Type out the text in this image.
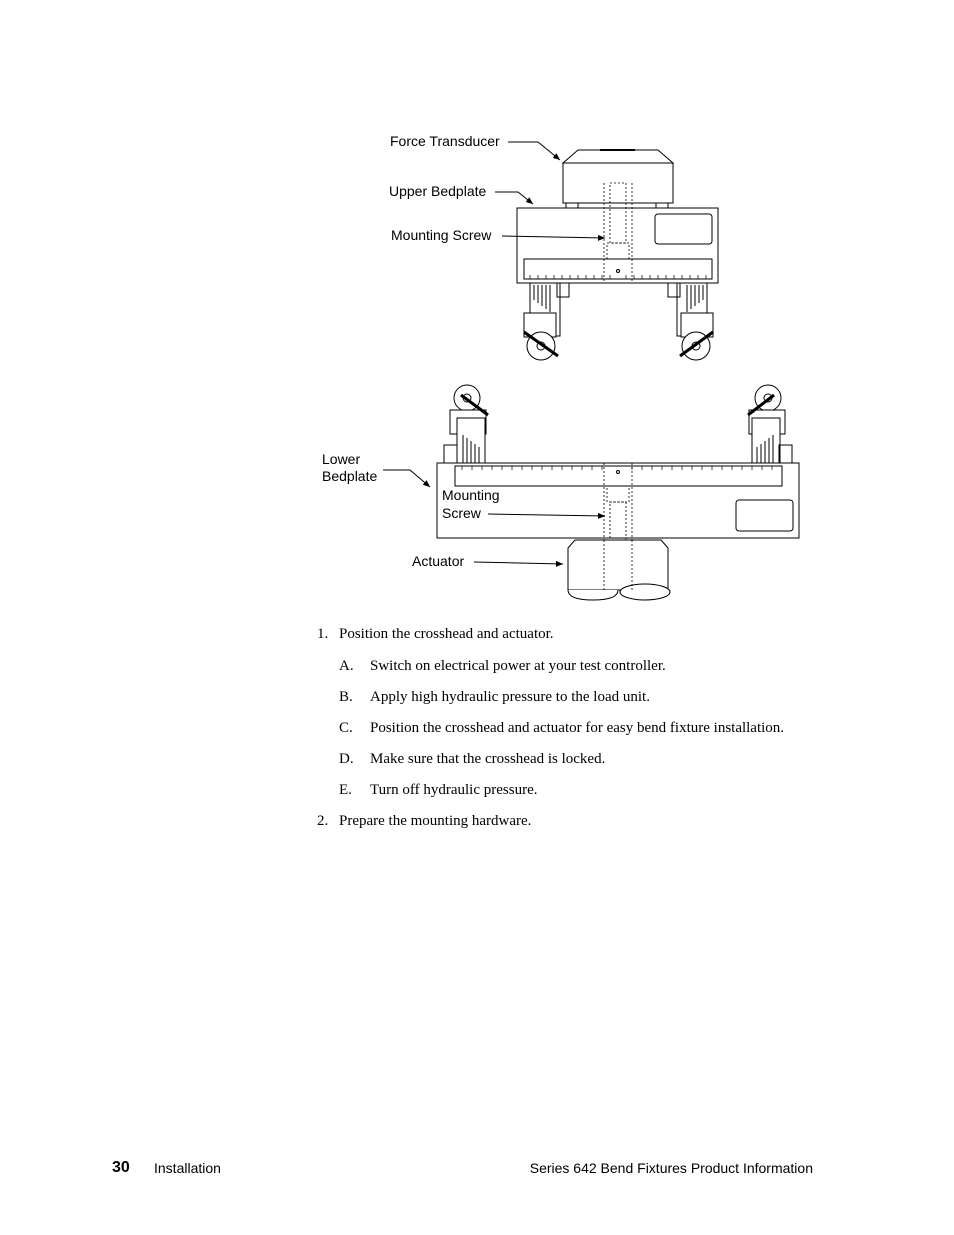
Force Transducer
Upper Bedplate
Mounting Screw
Lower
Bedplate
Mounting
Screw
Actuator
1. Position the crosshead and actuator.
A. Switch on electrical power at your test controller.
B. Apply high hydraulic pressure to the load unit.
C. Position the crosshead and actuator for easy bend fixture installation.
D. Make sure that the crosshead is locked.
E. Turn off hydraulic pressure.
2. Prepare the mounting hardware.
30 Installation	Series 642 Bend Fixtures Product Information
